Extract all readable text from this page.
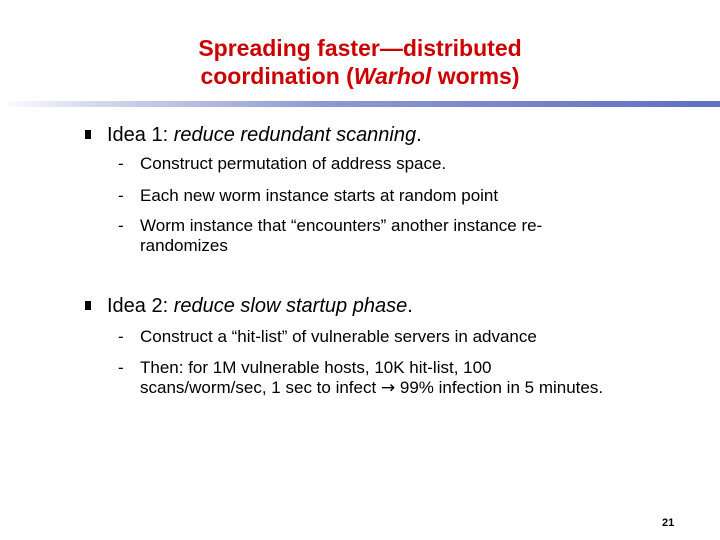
Spreading faster—distributed
coordination (Warhol worms)
Idea 1: reduce redundant scanning.
- Construct permutation of address space.
- Each new worm instance starts at random point
- Worm instance that “encounters” another instance re-randomizes
Idea 2: reduce slow startup phase.
- Construct a “hit-list” of vulnerable servers in advance
- Then: for 1M vulnerable hosts, 10K hit-list, 100 scans/worm/sec, 1 sec to infect → 99% infection in 5 minutes.
21
